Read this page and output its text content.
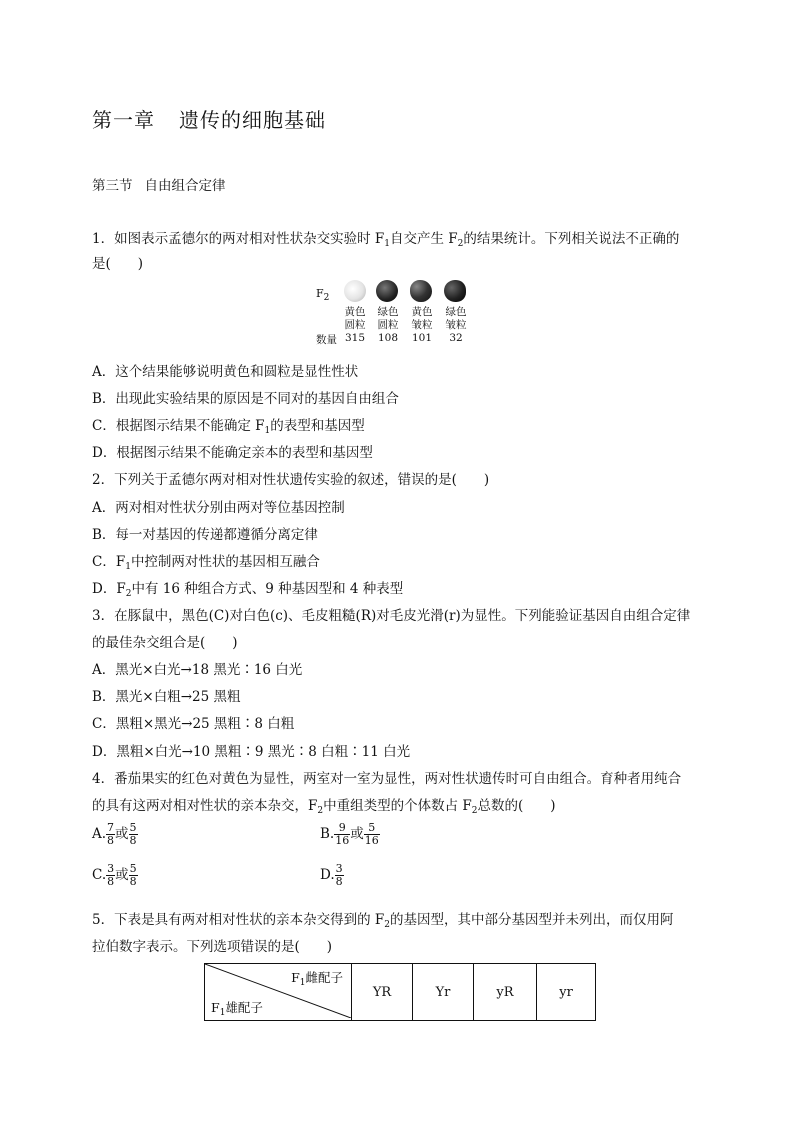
第一章 遗传的细胞基础
第三节 自由组合定律
1．如图表示孟德尔的两对相对性状杂交实验时 $F_1$自交产生 $F_2$的结果统计。下列相关说法不正确的
是(　　)
$F_2$
黄色
圆粒
315
绿色
圆粒
108
黄色
皱粒
101
绿色
皱粒
32
数量
A．这个结果能够说明黄色和圆粒是显性性状
B．出现此实验结果的原因是不同对的基因自由组合
C．根据图示结果不能确定 $F_1$的表型和基因型
D．根据图示结果不能确定亲本的表型和基因型
2．下列关于孟德尔两对相对性状遗传实验的叙述，错误的是(　　)
A．两对相对性状分别由两对等位基因控制
B．每一对基因的传递都遵循分离定律
C．$F_1$中控制两对性状的基因相互融合
D．$F_2$中有 16 种组合方式、9 种基因型和 4 种表型
3．在豚鼠中，黑色(C)对白色(c)、毛皮粗糙(R)对毛皮光滑(r)为显性。下列能验证基因自由组合定律
的最佳杂交组合是(　　)
A．黑光×白光→18 黑光∶16 白光
B．黑光×白粗→25 黑粗
C．黑粗×黑光→25 黑粗∶8 白粗
D．黑粗×白光→10 黑粗∶9 黑光∶8 白粗∶11 白光
4．番茄果实的红色对黄色为显性，两室对一室为显性，两对性状遗传时可自由组合。育种者用纯合
的具有这两对相对性状的亲本杂交，$F_2$中重组类型的个体数占 $F_2$总数的(　　)
A. $\frac{7}{8}$ 或 $\frac{5}{8}$	B. $\frac{9}{16}$ 或 $\frac{5}{16}$
C. $\frac{3}{8}$ 或 $\frac{5}{8}$	D. $\frac{3}{8}$
5．下表是具有两对相对性状的亲本杂交得到的 $F_2$的基因型，其中部分基因型并未列出，而仅用阿
拉伯数字表示。下列选项错误的是(　　)
$F_1$雌配子
$F_1$雄配子
	YR	Yr	yR	yr
